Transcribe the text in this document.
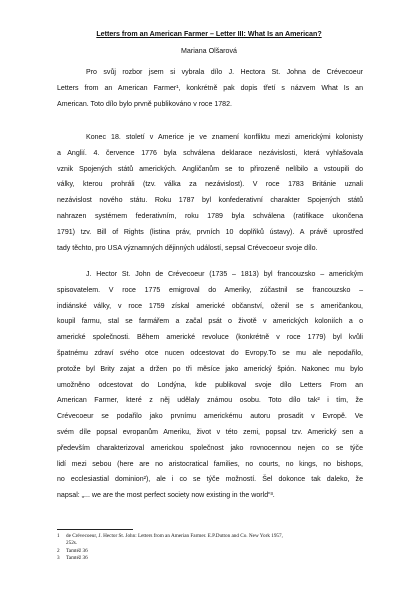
Letters from an American Farmer – Letter III: What Is an American?
Mariana Olšarová
Pro svůj rozbor jsem si vybrala dílo J. Hectora St. Johna de Crévecoeur
Letters from an American Farmer¹, konkrétně pak dopis třetí s názvem What Is an
American. Toto dílo bylo prvně publikováno v roce 1782.
Konec 18. století v Americe je ve znamení konfliktu mezi americkými kolonisty
a Anglií. 4. července 1776 byla schválena deklarace nezávislosti, která vyhlašovala
vznik Spojených států amerických. Angličanům se to přirozeně nelíbilo a vstoupili do
války, kterou prohráli (tzv. válka za nezávislost). V roce 1783 Británie uznali
nezávislost nového státu. Roku 1787 byl konfederativní charakter Spojených států
nahrazen systémem federativním, roku 1789 byla schválena (ratifikace ukončena
1791) tzv. Bill of Rights (listina práv, prvních 10 doplňků ústavy). A právě uprostřed
tady těchto, pro USA významných dějinných událostí, sepsal Crévecoeur svoje dílo.
J. Hector St. John de Crévecoeur (1735 – 1813) byl francouzsko – americkým
spisovatelem. V roce 1775 emigroval do Ameriky, zúčastnil se francouzsko –
indiánské války, v roce 1759 získal americké občanství, oženil se s američankou,
koupil farmu, stal se farmářem a začal psát o životě v amerických koloniích a o
americké společnosti. Během americké revoluce (konkrétně v roce 1779) byl kvůli
špatnému zdraví svého otce nucen odcestovat do Evropy.To se mu ale nepodařilo,
protože byl Brity zajat a držen po tři měsíce jako americký špión. Nakonec mu bylo
umožněno odcestovat do Londýna, kde publikoval svoje dílo Letters From an
American Farmer, které z něj udělaly známou osobu. Toto dílo tak² i tím, že
Crévecoeur se podařilo jako prvnímu americkému autoru prosadit v Evropě. Ve
svém díle popsal evropanům Ameriku, život v této zemi, popsal tzv. Americký sen a
především charakterizoval americkou společnost jako rovnocennou nejen co se týče
lidí mezi sebou (here are no aristocratical families, no courts, no kings, no bishops,
no ecclesiastial dominion²), ale i co se týče možností. Šel dokonce tak daleko, že
napsal: „... we are the most perfect society now existing in the world“³.
1 de Crévecoeur, J. Hector St. John: Letters from an Amerian Farmer. E.P.Dutton and Co. New York 1957,
252s.
2 Tamtéž 36
3 Tamtéž 36
